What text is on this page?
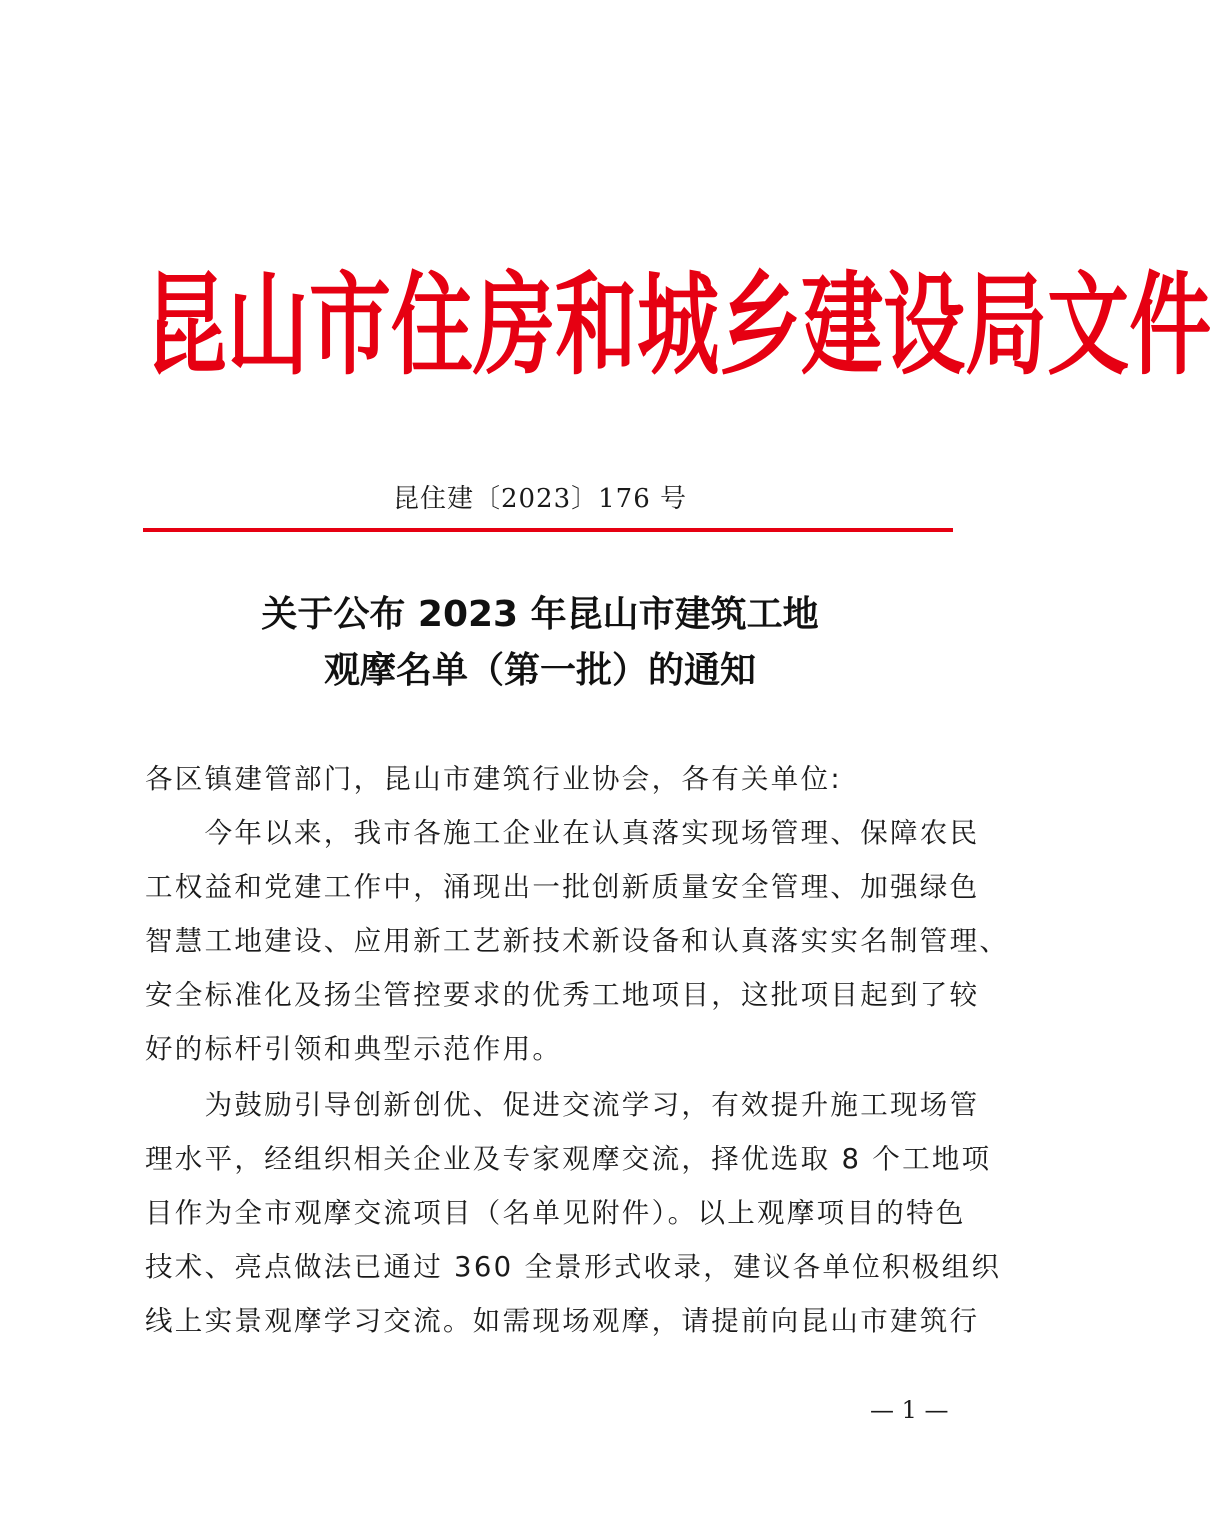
昆 山 市 住 房 和 城 乡 建 设 局 文 件
昆住建〔2023〕176 号
关于公布 2023 年昆山市建筑工地
观摩名单（第一批）的通知
各区镇建管部门，昆山市建筑行业协会，各有关单位:
　　今年以来，我市各施工企业在认真落实现场管理、保障农民
工权益和党建工作中，涌现出一批创新质量安全管理、加强绿色
智慧工地建设、应用新工艺新技术新设备和认真落实实名制管理、
安全标准化及扬尘管控要求的优秀工地项目，这批项目起到了较
好的标杆引领和典型示范作用。
　　为鼓励引导创新创优、促进交流学习，有效提升施工现场管
理水平，经组织相关企业及专家观摩交流，择优选取 8 个工地项
目作为全市观摩交流项目（名单见附件）。以上观摩项目的特色
技术、亮点做法已通过 360 全景形式收录，建议各单位积极组织
线上实景观摩学习交流。如需现场观摩，请提前向昆山市建筑行
— 1 —
